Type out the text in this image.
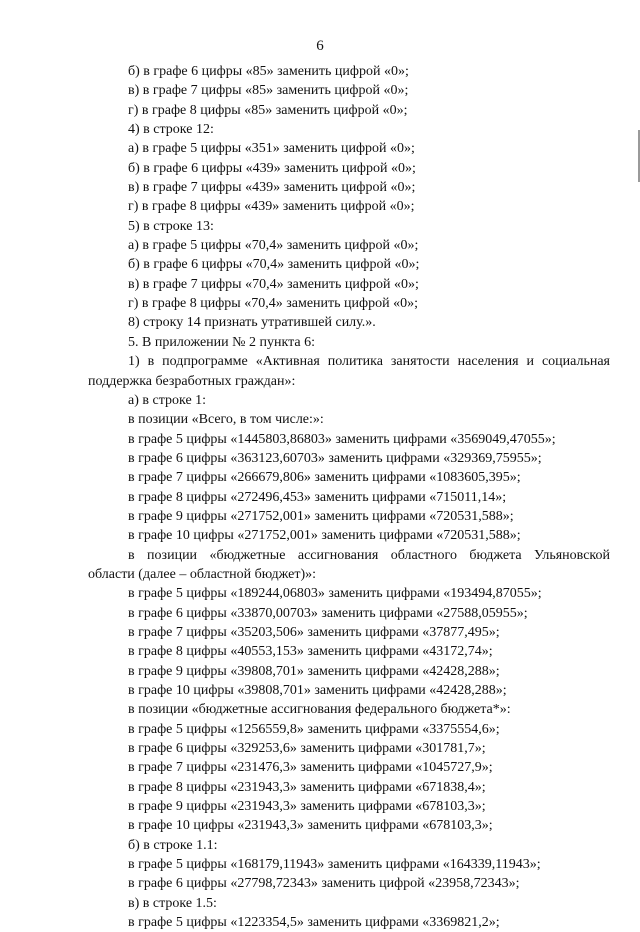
6
б) в графе 6 цифры «85» заменить цифрой «0»;
в) в графе 7 цифры «85» заменить цифрой «0»;
г) в графе 8 цифры «85» заменить цифрой «0»;
4) в строке 12:
а) в графе 5 цифры «351» заменить цифрой «0»;
б) в графе 6 цифры «439» заменить цифрой «0»;
в) в графе 7 цифры «439» заменить цифрой «0»;
г) в графе 8 цифры «439» заменить цифрой «0»;
5) в строке 13:
а) в графе 5 цифры «70,4» заменить цифрой «0»;
б) в графе 6 цифры «70,4» заменить цифрой «0»;
в) в графе 7 цифры «70,4» заменить цифрой «0»;
г) в графе 8 цифры «70,4» заменить цифрой «0»;
8) строку 14 признать утратившей силу.».
5. В приложении № 2 пункта 6:
1) в подпрограмме «Активная политика занятости населения и социальная
поддержка безработных граждан»:
а) в строке 1:
в позиции «Всего, в том числе:»:
в графе 5 цифры «1445803,86803» заменить цифрами «3569049,47055»;
в графе 6 цифры «363123,60703» заменить цифрами «329369,75955»;
в графе 7 цифры «266679,806» заменить цифрами «1083605,395»;
в графе 8 цифры «272496,453» заменить цифрами «715011,14»;
в графе 9 цифры «271752,001» заменить цифрами «720531,588»;
в графе 10 цифры «271752,001» заменить цифрами «720531,588»;
в позиции «бюджетные ассигнования областного бюджета Ульяновской
области (далее – областной бюджет)»:
в графе 5 цифры «189244,06803» заменить цифрами «193494,87055»;
в графе 6 цифры «33870,00703» заменить цифрами «27588,05955»;
в графе 7 цифры «35203,506» заменить цифрами «37877,495»;
в графе 8 цифры «40553,153» заменить цифрами «43172,74»;
в графе 9 цифры «39808,701» заменить цифрами «42428,288»;
в графе 10 цифры «39808,701» заменить цифрами «42428,288»;
в позиции «бюджетные ассигнования федерального бюджета*»:
в графе 5 цифры «1256559,8» заменить цифрами «3375554,6»;
в графе 6 цифры «329253,6» заменить цифрами «301781,7»;
в графе 7 цифры «231476,3» заменить цифрами «1045727,9»;
в графе 8 цифры «231943,3» заменить цифрами «671838,4»;
в графе 9 цифры «231943,3» заменить цифрами «678103,3»;
в графе 10 цифры «231943,3» заменить цифрами «678103,3»;
б) в строке 1.1:
в графе 5 цифры «168179,11943» заменить цифрами «164339,11943»;
в графе 6 цифры «27798,72343» заменить цифрой «23958,72343»;
в) в строке 1.5:
в графе 5 цифры «1223354,5» заменить цифрами «3369821,2»;
